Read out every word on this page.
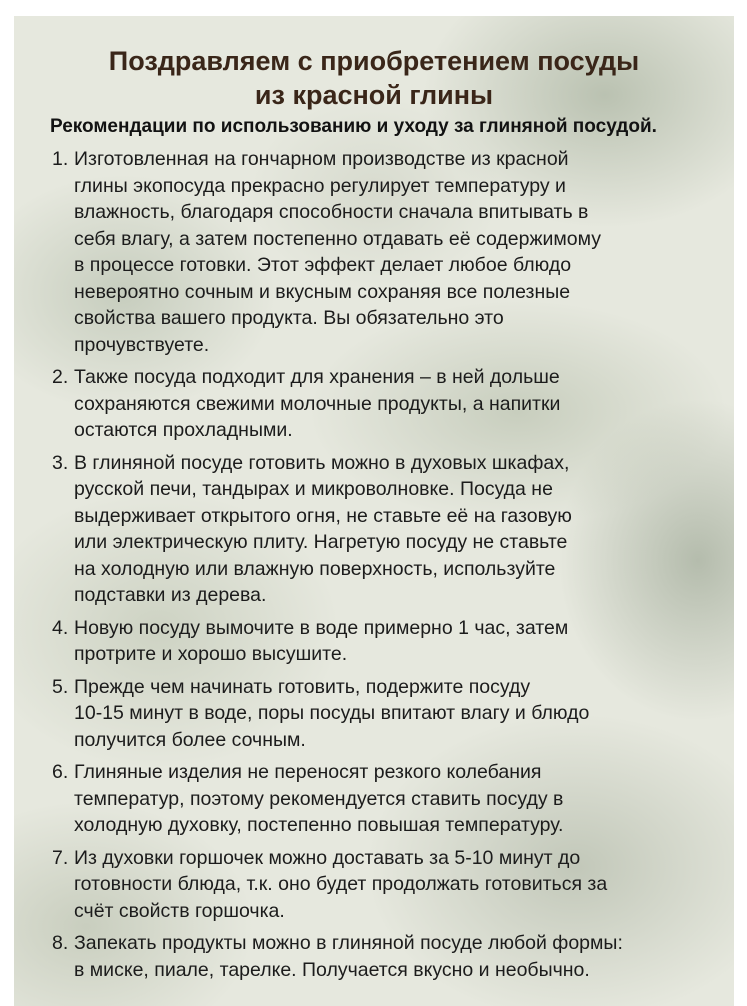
Поздравляем с приобретением посуды
из красной глины

Рекомендации по использованию и уходу за глиняной посудой.

1. Изготовленная на гончарном производстве из красной
глины экопосуда прекрасно регулирует температуру и
влажность, благодаря способности сначала впитывать в
себя влагу, а затем постепенно отдавать её содержимому
в процессе готовки. Этот эффект делает любое блюдо
невероятно сочным и вкусным сохраняя все полезные
свойства вашего продукта. Вы обязательно это
прочувствуете.
2. Также посуда подходит для хранения – в ней дольше
сохраняются свежими молочные продукты, а напитки
остаются прохладными.
3. В глиняной посуде готовить можно в духовых шкафах,
русской печи, тандырах и микроволновке. Посуда не
выдерживает открытого огня, не ставьте её на газовую
или электрическую плиту. Нагретую посуду не ставьте
на холодную или влажную поверхность, используйте
подставки из дерева.
4. Новую посуду вымочите в воде примерно 1 час, затем
протрите и хорошо высушите.
5. Прежде чем начинать готовить, подержите посуду
10-15 минут в воде, поры посуды впитают влагу и блюдо
получится более сочным.
6. Глиняные изделия не переносят резкого колебания
температур, поэтому рекомендуется ставить посуду в
холодную духовку, постепенно повышая температуру.
7. Из духовки горшочек можно доставать за 5-10 минут до
готовности блюда, т.к. оно будет продолжать готовиться за
счёт свойств горшочка.
8. Запекать продукты можно в глиняной посуде любой формы:
в миске, пиале, тарелке. Получается вкусно и необычно.
